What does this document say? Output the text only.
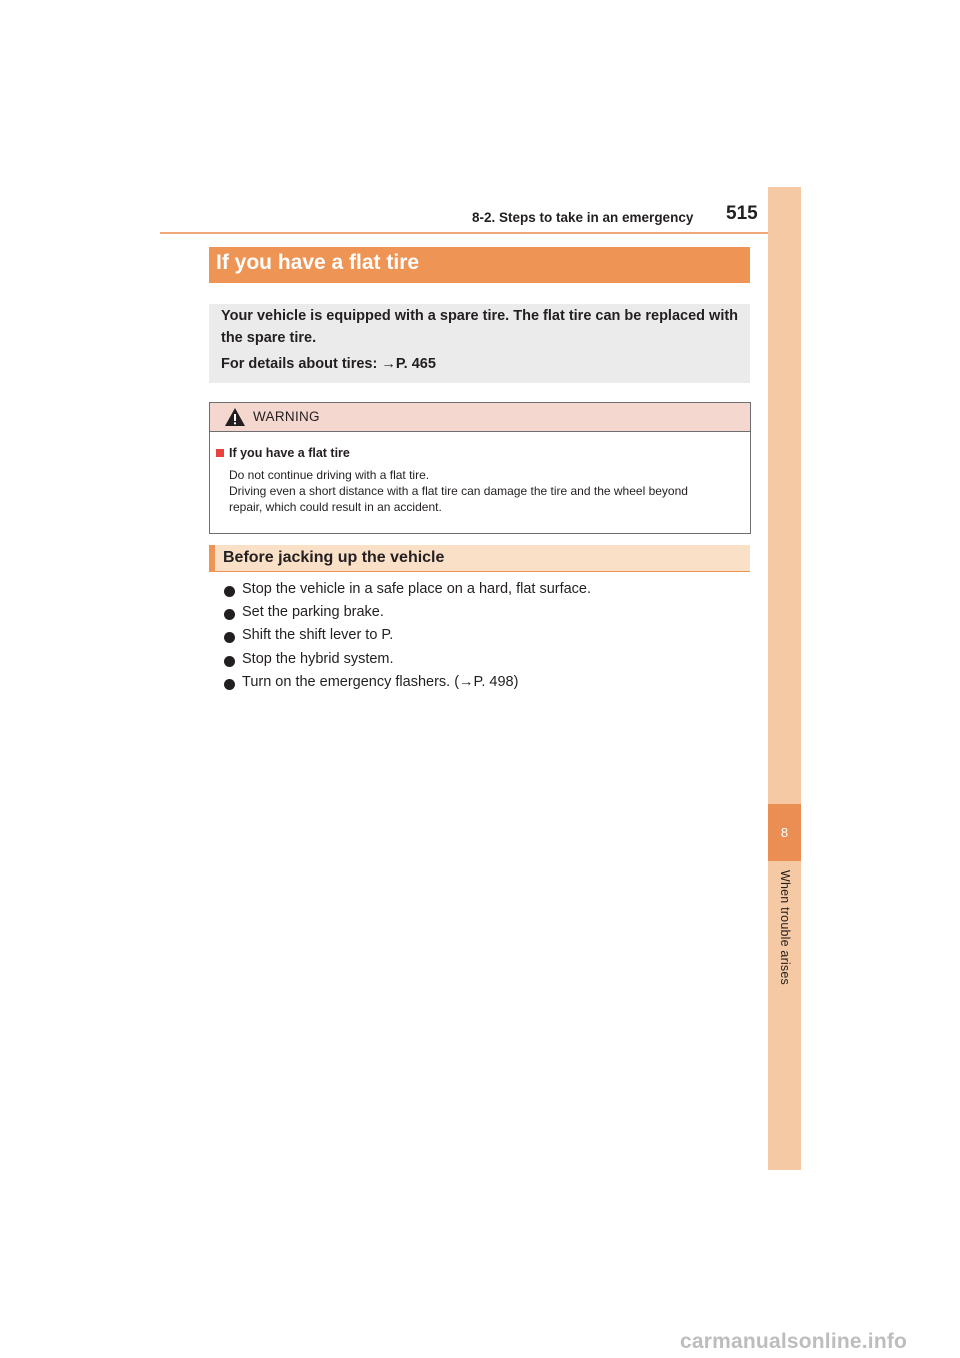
8-2. Steps to take in an emergency 515
8
When trouble arises
If you have a flat tire
Your vehicle is equipped with a spare tire. The flat tire can be replaced with
the spare tire.
For details about tires: →P. 465
WARNING
If you have a flat tire
Do not continue driving with a flat tire.
Driving even a short distance with a flat tire can damage the tire and the wheel beyond
repair, which could result in an accident.
Before jacking up the vehicle
Stop the vehicle in a safe place on a hard, flat surface.
Set the parking brake.
Shift the shift lever to P.
Stop the hybrid system.
Turn on the emergency flashers. (→P. 498)
carmanualsonline.info
